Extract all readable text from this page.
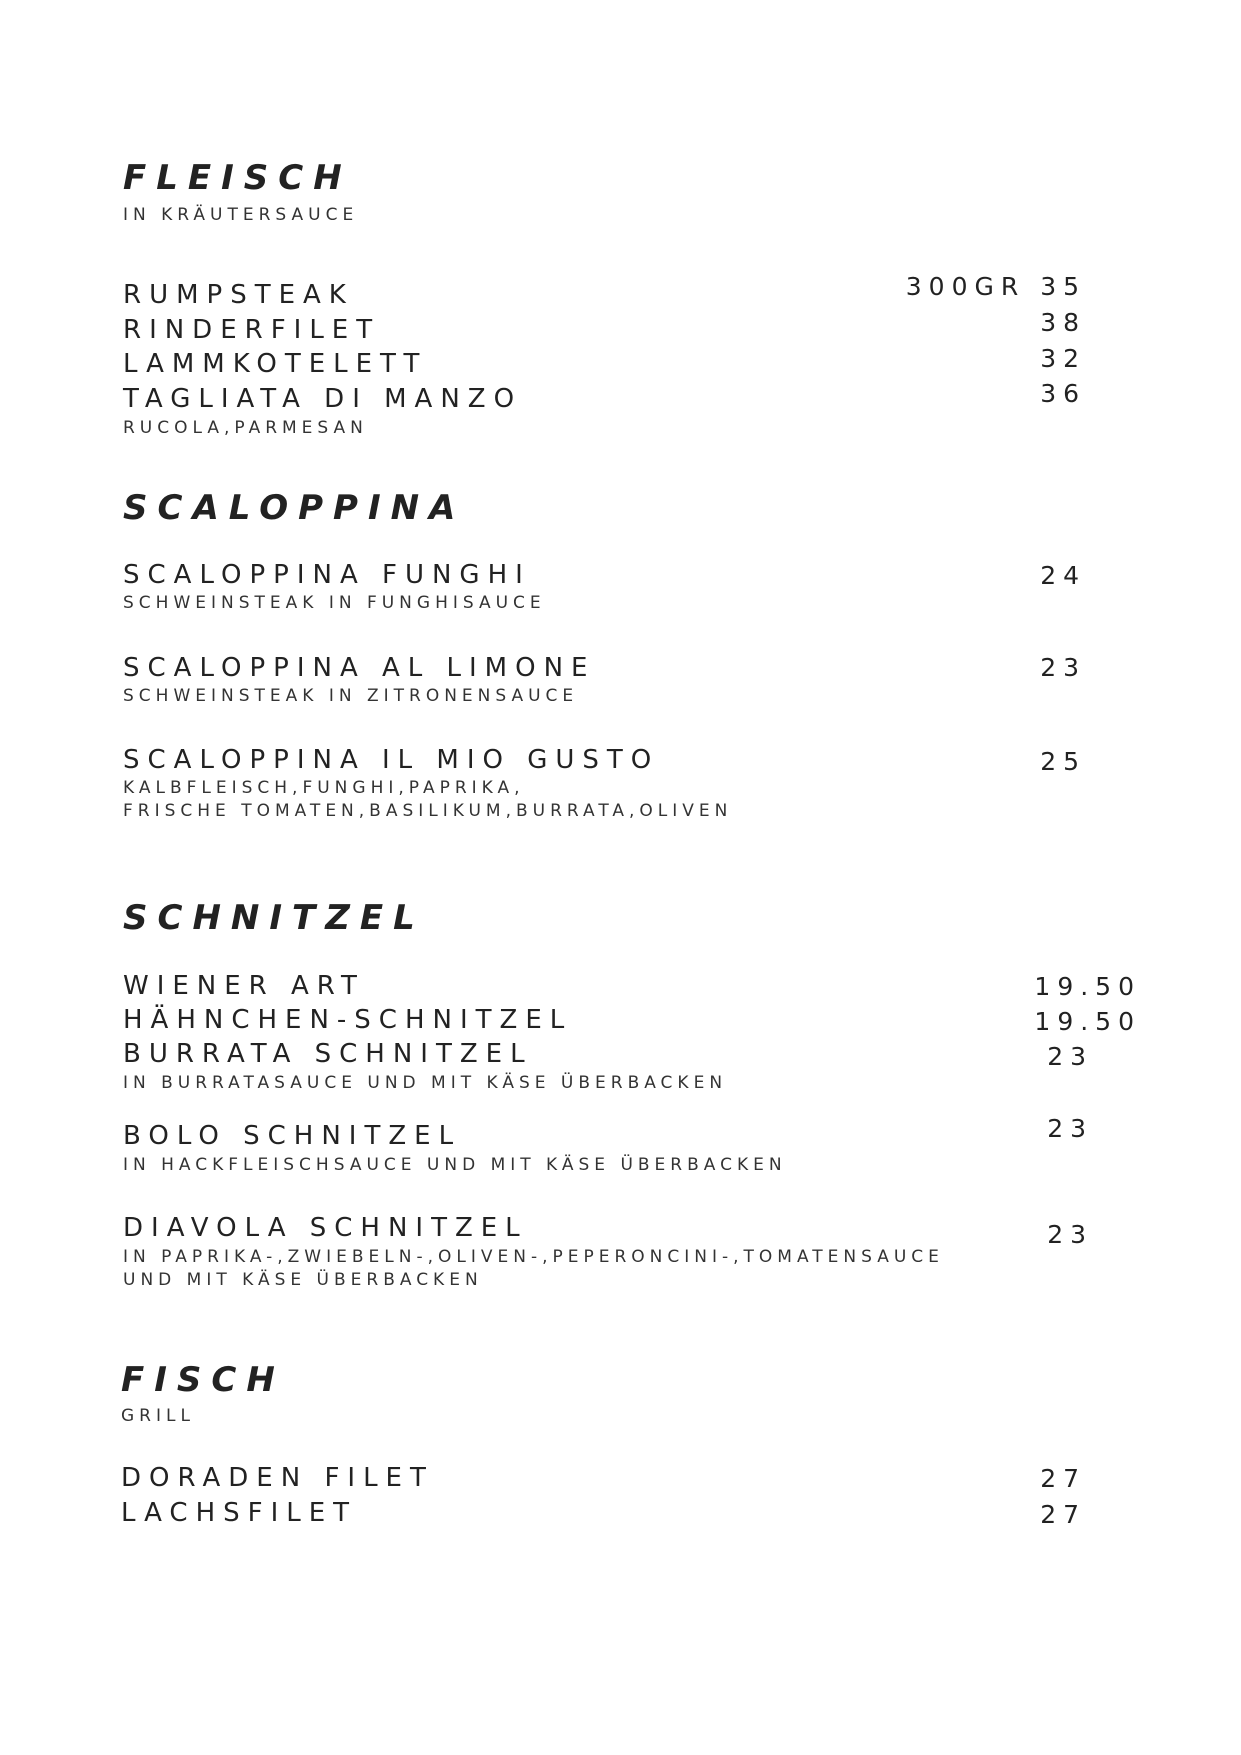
FLEISCH
IN KRÄUTERSAUCE
RUMPSTEAK	300GR 35
RINDERFILET	38
LAMMKOTELETT	32
TAGLIATA DI MANZO	36
RUCOLA,PARMESAN
SCALOPPINA
SCALOPPINA FUNGHI	24
SCHWEINSTEAK IN FUNGHISAUCE
SCALOPPINA AL LIMONE	23
SCHWEINSTEAK IN ZITRONENSAUCE
SCALOPPINA IL MIO GUSTO	25
KALBFLEISCH,FUNGHI,PAPRIKA,
FRISCHE TOMATEN,BASILIKUM,BURRATA,OLIVEN
SCHNITZEL
WIENER ART	19.50
HÄHNCHEN-SCHNITZEL	19.50
BURRATA SCHNITZEL	23
IN BURRATASAUCE UND MIT KÄSE ÜBERBACKEN
BOLO SCHNITZEL	23
IN HACKFLEISCHSAUCE UND MIT KÄSE ÜBERBACKEN
DIAVOLA SCHNITZEL	23
IN PAPRIKA-,ZWIEBELN-,OLIVEN-,PEPERONCINI-,TOMATENSAUCE
UND MIT KÄSE ÜBERBACKEN
FISCH
GRILL
DORADEN FILET	27
LACHSFILET	27
